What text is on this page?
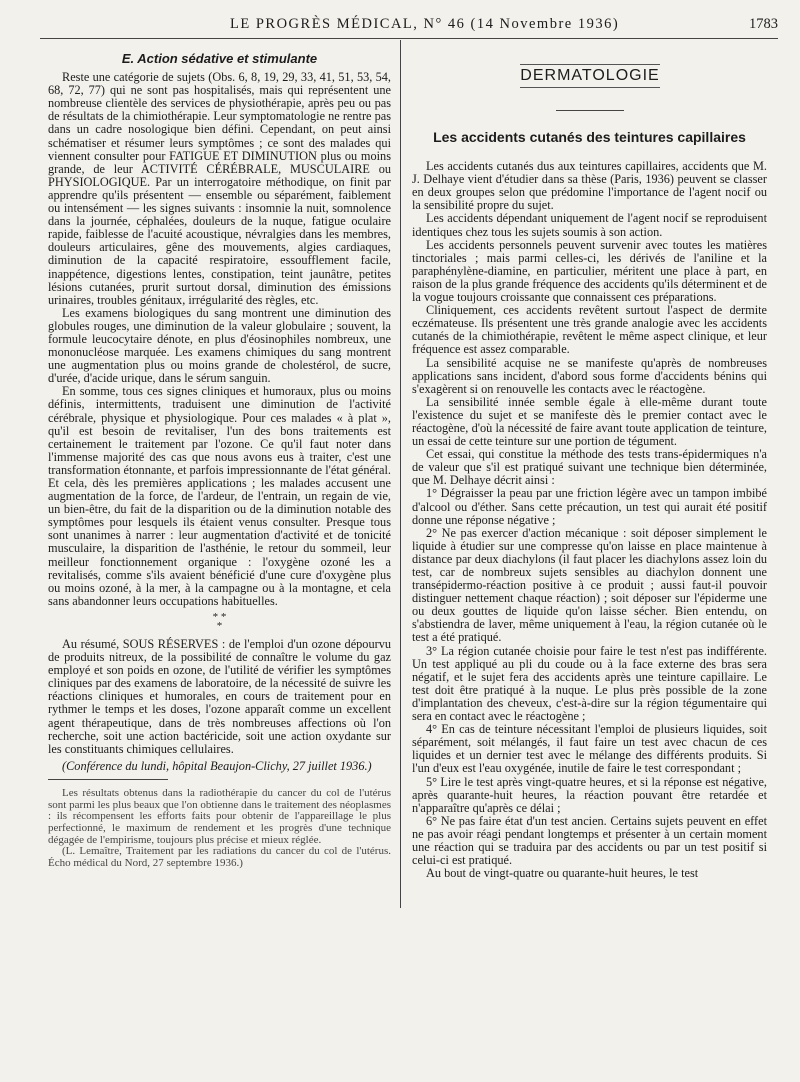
LE PROGRÈS MÉDICAL, N° 46 (14 Novembre 1936)	1783
E. Action sédative et stimulante

Reste une catégorie de sujets (Obs. 6, 8, 19, 29, 33, 41, 51, 53, 54, 68, 72, 77) qui ne sont pas hospitalisés, mais qui représentent une nombreuse clientèle des services de physiothérapie, après peu ou pas de résultats de la chimiothérapie. Leur symptomatologie ne rentre pas dans un cadre nosologique bien défini. Cependant, on peut ainsi schématiser et résumer leurs symptômes ; ce sont des malades qui viennent consulter pour FATIGUE ET DIMINUTION plus ou moins grande, de leur ACTIVITÉ CÉRÉBRALE, MUSCULAIRE ou PHYSIOLOGIQUE. Par un interrogatoire méthodique, on finit par apprendre qu'ils présentent — ensemble ou séparément, faiblement ou intensément — les signes suivants : insomnie la nuit, somnolence dans la journée, céphalées, douleurs de la nuque, fatigue oculaire rapide, faiblesse de l'acuité acoustique, névralgies dans les membres, douleurs articulaires, gêne des mouvements, algies cardiaques, diminution de la capacité respiratoire, essoufflement facile, inappétence, digestions lentes, constipation, teint jaunâtre, petites lésions cutanées, prurit surtout dorsal, diminution des émissions urinaires, troubles génitaux, irrégularité des règles, etc.

Les examens biologiques du sang montrent une diminution des globules rouges, une diminution de la valeur globulaire ; souvent, la formule leucocytaire dénote, en plus d'éosinophiles nombreux, une mononucléose marquée. Les examens chimiques du sang montrent une augmentation plus ou moins grande de cholestérol, de sucre, d'urée, d'acide urique, dans le sérum sanguin.

En somme, tous ces signes cliniques et humoraux, plus ou moins définis, intermittents, traduisent une diminution de l'activité cérébrale, physique et physiologique. Pour ces malades « à plat », qu'il est besoin de revitaliser, l'un des bons traitements est certainement le traitement par l'ozone. Ce qu'il faut noter dans l'immense majorité des cas que nous avons eus à traiter, c'est une transformation étonnante, et parfois impressionnante de l'état général. Et cela, dès les premières applications ; les malades accusent une augmentation de la force, de l'ardeur, de l'entrain, un regain de vie, un bien-être, du fait de la disparition ou de la diminution notable des symptômes pour lesquels ils étaient venus consulter. Presque tous sont unanimes à narrer : leur augmentation d'activité et de tonicité musculaire, la disparition de l'asthénie, le retour du sommeil, leur meilleur fonctionnement organique : l'oxygène ozoné les a revitalisés, comme s'ils avaient bénéficié d'une cure d'oxygène plus ou moins ozoné, à la mer, à la campagne ou à la montagne, et cela sans abandonner leurs occupations habituelles.

* *
*

Au résumé, SOUS RÉSERVES : de l'emploi d'un ozone dépourvu de produits nitreux, de la possibilité de connaître le volume du gaz employé et son poids en ozone, de l'utilité de vérifier les symptômes cliniques par des examens de laboratoire, de la nécessité de suivre les réactions cliniques et humorales, en cours de traitement pour en rythmer le temps et les doses, l'ozone apparaît comme un excellent agent thérapeutique, dans de très nombreuses affections où l'on recherche, soit une action bactéricide, soit une action oxydante sur les constituants chimiques cellulaires.

(Conférence du lundi, hôpital Beaujon-Clichy, 27 juillet 1936.)

Les résultats obtenus dans la radiothérapie du cancer du col de l'utérus sont parmi les plus beaux que l'on obtienne dans le traitement des néoplasmes : ils récompensent les efforts faits pour obtenir de l'appareillage le plus perfectionné, le maximum de rendement et les progrès d'une technique dégagée de l'empirisme, toujours plus précise et mieux réglée.

(L. Lemaître, Traitement par les radiations du cancer du col de l'utérus. Écho médical du Nord, 27 septembre 1936.)

DERMATOLOGIE
Les accidents cutanés des teintures capillaires

Les accidents cutanés dus aux teintures capillaires, accidents que M. J. Delhaye vient d'étudier dans sa thèse (Paris, 1936) peuvent se classer en deux groupes selon que prédomine l'importance de l'agent nocif ou la sensibilité propre du sujet.

Les accidents dépendant uniquement de l'agent nocif se reproduisent identiques chez tous les sujets soumis à son action.

Les accidents personnels peuvent survenir avec toutes les matières tinctoriales ; mais parmi celles-ci, les dérivés de l'aniline et la paraphénylène-diamine, en particulier, méritent une place à part, en raison de la plus grande fréquence des accidents qu'ils déterminent et de la vogue toujours croissante que connaissent ces préparations.

Cliniquement, ces accidents revêtent surtout l'aspect de dermite eczémateuse. Ils présentent une très grande analogie avec les accidents cutanés de la chimiothérapie, revêtent le même aspect clinique, et leur fréquence est assez comparable.

La sensibilité acquise ne se manifeste qu'après de nombreuses applications sans incident, d'abord sous forme d'accidents bénins qui s'exagèrent si on renouvelle les contacts avec le réactogène.

La sensibilité innée semble égale à elle-même durant toute l'existence du sujet et se manifeste dès le premier contact avec le réactogène, d'où la nécessité de faire avant toute application de teinture, un essai de cette teinture sur une portion de tégument.

Cet essai, qui constitue la méthode des tests trans-épidermiques n'a de valeur que s'il est pratiqué suivant une technique bien déterminée, que M. Delhaye décrit ainsi :

1° Dégraisser la peau par une friction légère avec un tampon imbibé d'alcool ou d'éther. Sans cette précaution, un test qui aurait été positif donne une réponse négative ;

2° Ne pas exercer d'action mécanique : soit déposer simplement le liquide à étudier sur une compresse qu'on laisse en place maintenue à distance par deux diachylons (il faut placer les diachylons assez loin du test, car de nombreux sujets sensibles au diachylon donnent une transépidermo-réaction positive à ce produit ; aussi faut-il pouvoir distinguer nettement chaque réaction) ; soit déposer sur l'épiderme une ou deux gouttes de liquide qu'on laisse sécher. Bien entendu, on s'abstiendra de laver, même uniquement à l'eau, la région cutanée où le test a été pratiqué.

3° La région cutanée choisie pour faire le test n'est pas indifférente. Un test appliqué au pli du coude ou à la face externe des bras sera négatif, et le sujet fera des accidents après une teinture capillaire. Le test doit être pratiqué à la nuque. Le plus près possible de la zone d'implantation des cheveux, c'est-à-dire sur la région tégumentaire qui sera en contact avec le réactogène ;

4° En cas de teinture nécessitant l'emploi de plusieurs liquides, soit séparément, soit mélangés, il faut faire un test avec chacun de ces liquides et un dernier test avec le mélange des différents produits. Si l'un d'eux est l'eau oxygénée, inutile de faire le test correspondant ;

5° Lire le test après vingt-quatre heures, et si la réponse est négative, après quarante-huit heures, la réaction pouvant être retardée et n'apparaître qu'après ce délai ;

6° Ne pas faire état d'un test ancien. Certains sujets peuvent en effet ne pas avoir réagi pendant longtemps et présenter à un certain moment une réaction qui se traduira par des accidents ou par un test positif si celui-ci est pratiqué.

Au bout de vingt-quatre ou quarante-huit heures, le test
